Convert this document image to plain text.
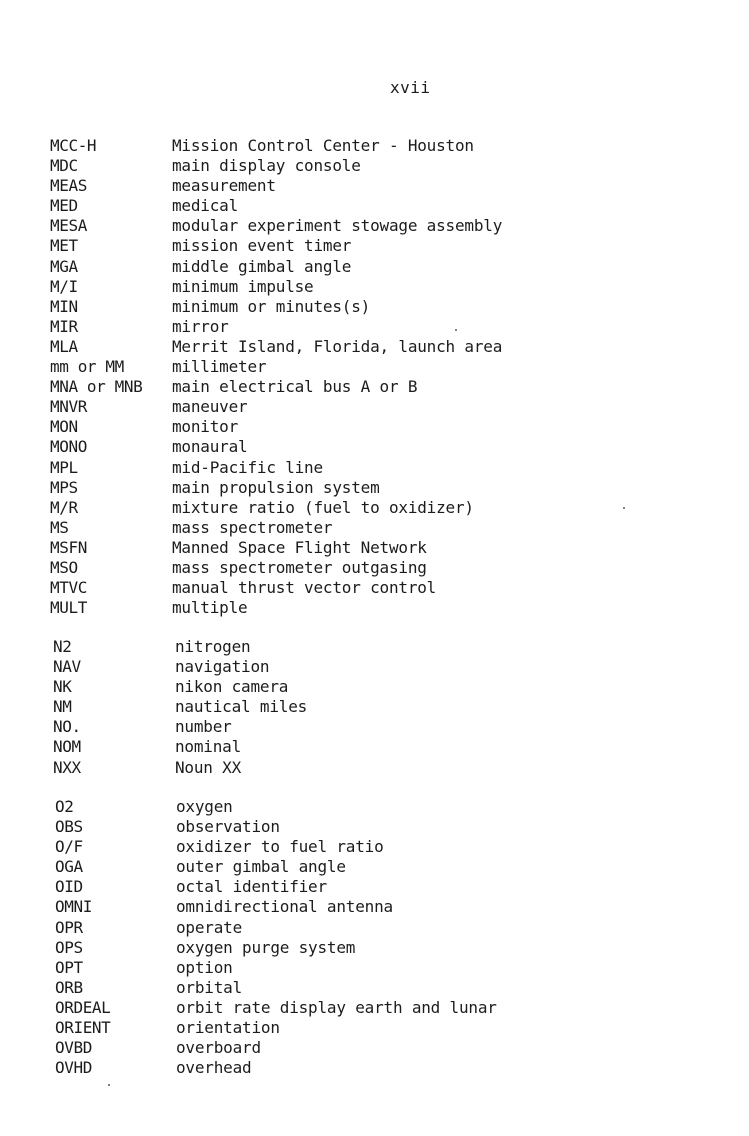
xvii
MCC-H	Mission Control Center - Houston
MDC	main display console
MEAS	measurement
MED	medical
MESA	modular experiment stowage assembly
MET	mission event timer
MGA	middle gimbal angle
M/I	minimum impulse
MIN	minimum or minutes(s)
MIR	mirror
MLA	Merrit Island, Florida, launch area
mm or MM	millimeter
MNA or MNB	main electrical bus A or B
MNVR	maneuver
MON	monitor
MONO	monaural
MPL	mid-Pacific line
MPS	main propulsion system
M/R	mixture ratio (fuel to oxidizer)
MS	mass spectrometer
MSFN	Manned Space Flight Network
MSO	mass spectrometer outgasing
MTVC	manual thrust vector control
MULT	multiple
N2	nitrogen
NAV	navigation
NK	nikon camera
NM	nautical miles
NO.	number
NOM	nominal
NXX	Noun XX
O2	oxygen
OBS	observation
O/F	oxidizer to fuel ratio
OGA	outer gimbal angle
OID	octal identifier
OMNI	omnidirectional antenna
OPR	operate
OPS	oxygen purge system
OPT	option
ORB	orbital
ORDEAL	orbit rate display earth and lunar
ORIENT	orientation
OVBD	overboard
OVHD	overhead
